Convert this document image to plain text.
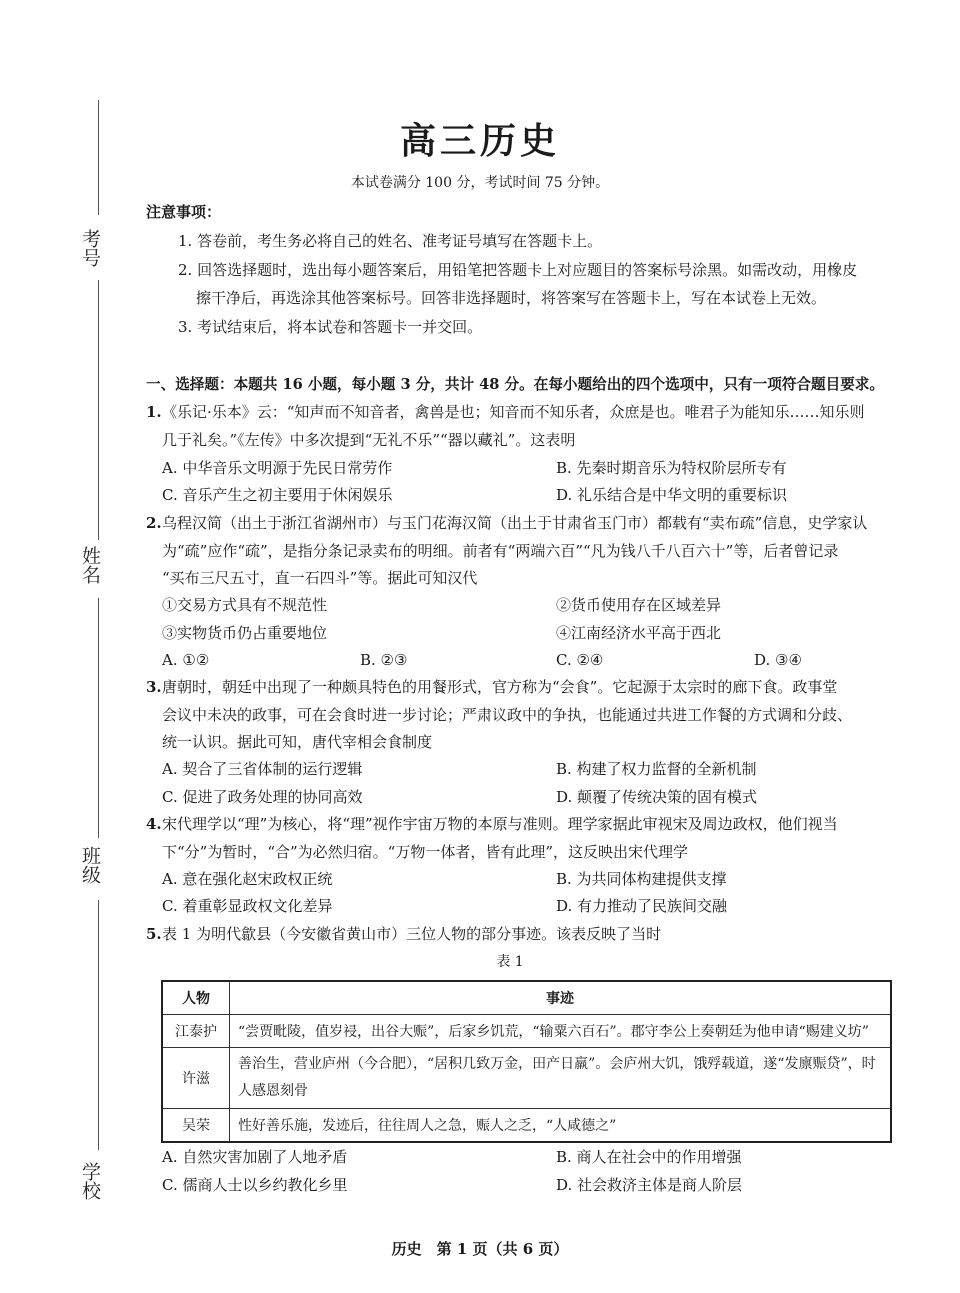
考号
姓名
班级
学校
高三历史
本试卷满分 100 分，考试时间 75 分钟。
注意事项：
1. 答卷前，考生务必将自己的姓名、准考证号填写在答题卡上。
2. 回答选择题时，选出每小题答案后，用铅笔把答题卡上对应题目的答案标号涂黑。如需改动，用橡皮
擦干净后，再选涂其他答案标号。回答非选择题时，将答案写在答题卡上，写在本试卷上无效。
3. 考试结束后，将本试卷和答题卡一并交回。
一、选择题：本题共 16 小题，每小题 3 分，共计 48 分。在每小题给出的四个选项中，只有一项符合题目要求。
1. 《乐记·乐本》云：“知声而不知音者，禽兽是也；知音而不知乐者，众庶是也。唯君子为能知乐……知乐则
几于礼矣。”《左传》中多次提到“无礼不乐”“器以藏礼”。这表明
A. 中华音乐文明源于先民日常劳作	B. 先秦时期音乐为特权阶层所专有
C. 音乐产生之初主要用于休闲娱乐	D. 礼乐结合是中华文明的重要标识
2. 乌程汉简（出土于浙江省湖州市）与玉门花海汉简（出土于甘肃省玉门市）都载有“卖布疏”信息，史学家认
为“疏”应作“疏”，是指分条记录卖布的明细。前者有“两端六百”“凡为钱八千八百六十”等，后者曾记录
“买布三尺五寸，直一石四斗”等。据此可知汉代
①交易方式具有不规范性	②货币使用存在区域差异
③实物货币仍占重要地位	④江南经济水平高于西北
A. ①②	B. ②③	C. ②④	D. ③④
3. 唐朝时，朝廷中出现了一种颇具特色的用餐形式，官方称为“会食”。它起源于太宗时的廊下食。政事堂
会议中未决的政事，可在会食时进一步讨论；严肃议政中的争执，也能通过共进工作餐的方式调和分歧、
统一认识。据此可知，唐代宰相会食制度
A. 契合了三省体制的运行逻辑	B. 构建了权力监督的全新机制
C. 促进了政务处理的协同高效	D. 颠覆了传统决策的固有模式
4. 宋代理学以“理”为核心，将“理”视作宇宙万物的本原与准则。理学家据此审视宋及周边政权，他们视当
下“分”为暂时，“合”为必然归宿。“万物一体者，皆有此理”，这反映出宋代理学
A. 意在强化赵宋政权正统	B. 为共同体构建提供支撑
C. 着重彰显政权文化差异	D. 有力推动了民族间交融
5. 表 1 为明代歙县（今安徽省黄山市）三位人物的部分事迹。该表反映了当时
表 1
人物	事迹
江泰护	“尝贾毗陵，值岁祲，出谷大赈”，后家乡饥荒，“输粟六百石”。郡守李公上奏朝廷为他申请“赐建义坊”
许滋	善治生，营业庐州（今合肥），“居积几致万金，田产日羸”。会庐州大饥，饿殍载道，遂“发廪赈贷”，时人感恩刻骨
吴荣	性好善乐施，发迹后，往往周人之急，赈人之乏，“人咸德之”
A. 自然灾害加剧了人地矛盾	B. 商人在社会中的作用增强
C. 儒商人士以乡约教化乡里	D. 社会救济主体是商人阶层
历史　第 1 页（共 6 页）
